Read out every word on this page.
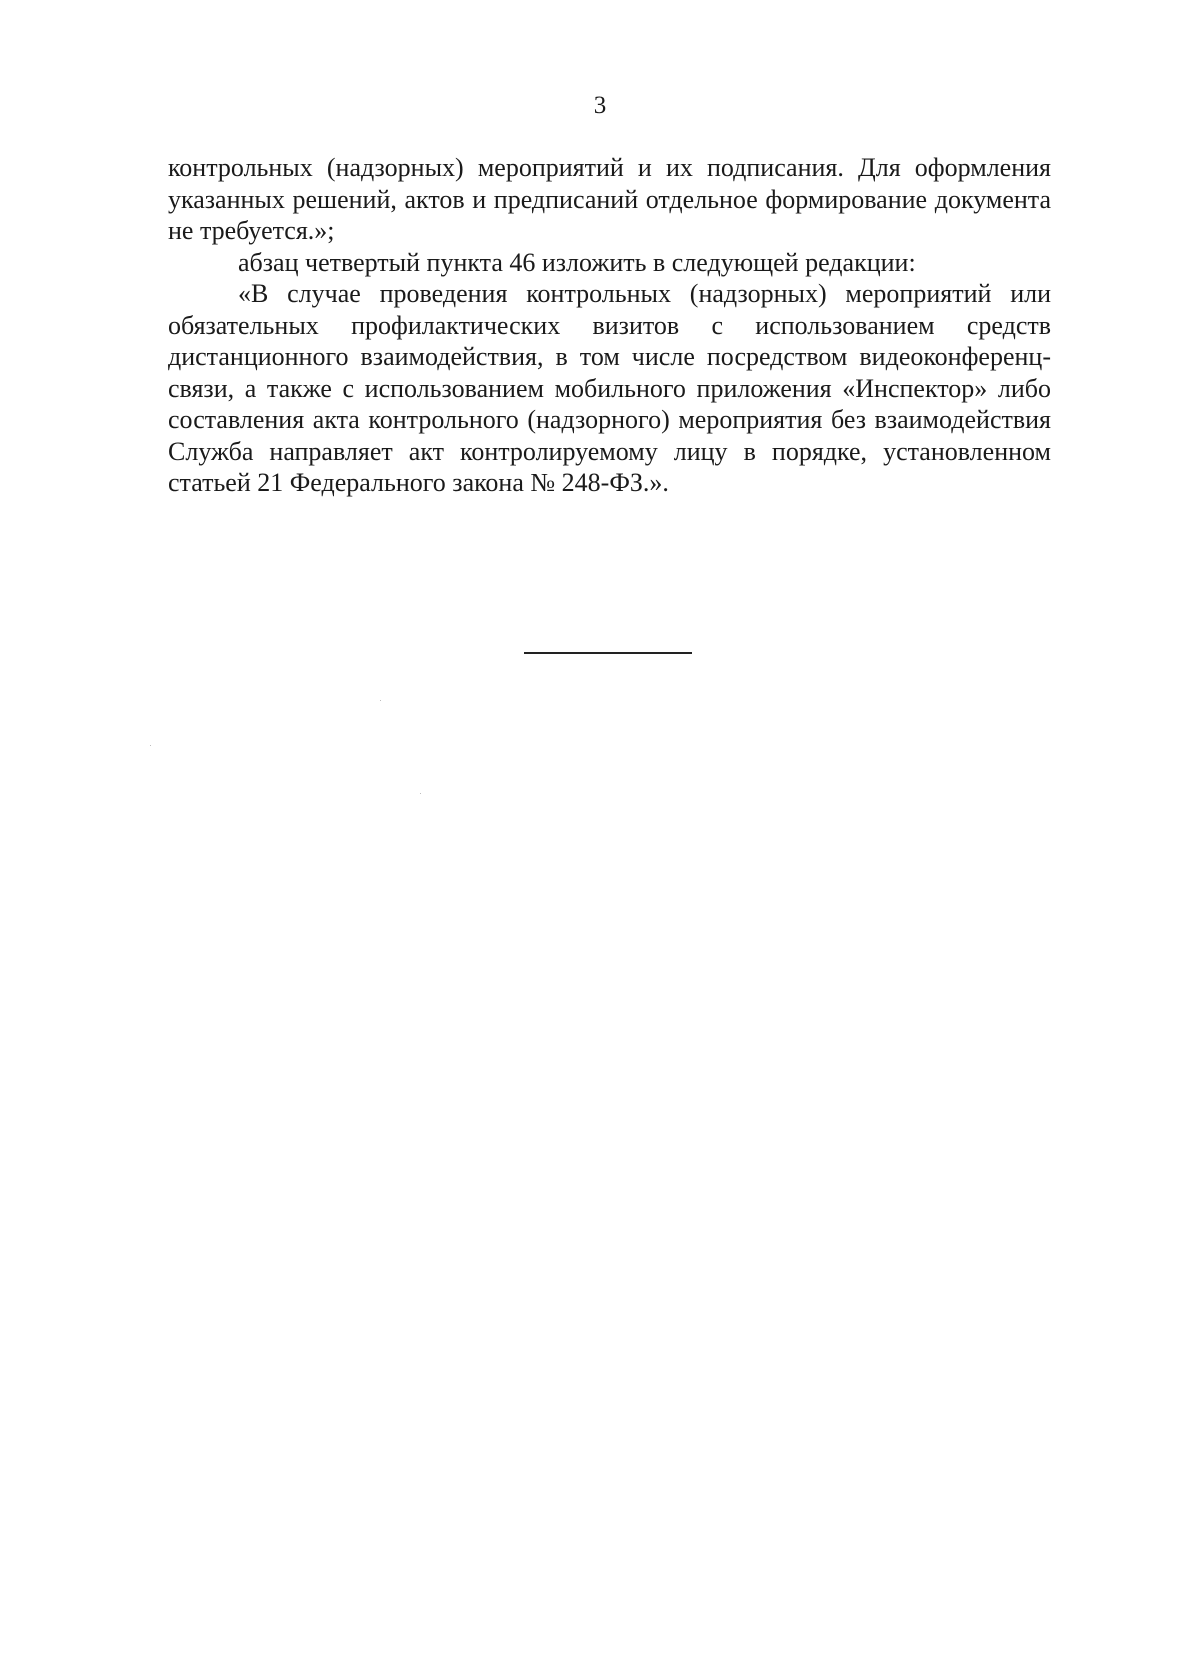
3

контрольных (надзорных) мероприятий и их подписания. Для оформления указанных решений, актов и предписаний отдельное формирование документа не требуется.»;

абзац четвертый пункта 46 изложить в следующей редакции:

«В случае проведения контрольных (надзорных) мероприятий или обязательных профилактических визитов с использованием средств дистанционного взаимодействия, в том числе посредством видеоконференц-связи, а также с использованием мобильного приложения «Инспектор» либо составления акта контрольного (надзорного) мероприятия без взаимодействия Служба направляет акт контролируемому лицу в порядке, установленном статьей 21 Федерального закона № 248-ФЗ.».
